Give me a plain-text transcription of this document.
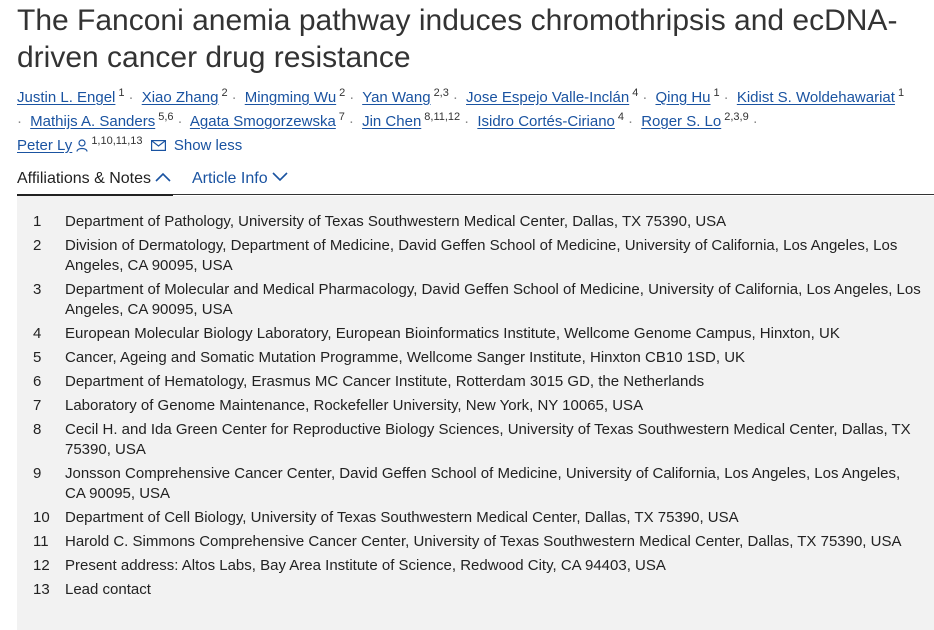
The Fanconi anemia pathway induces chromothripsis and ecDNA-driven cancer drug resistance
Justin L. Engel $^1$ · Xiao Zhang $^2$ · Mingming Wu $^2$ · Yan Wang $^{2,3}$ · Jose Espejo Valle-Inclán $^4$ · Qing Hu $^1$ · Kidist S. Woldehawariat $^1$
· Mathijs A. Sanders $^{5,6}$ · Agata Smogorzewska $^7$ · Jin Chen $^{8,11,12}$ · Isidro Cortés-Ciriano $^4$ · Roger S. Lo $^{2,3,9}$ ·
Peter Ly $^{1,10,11,13}$ Show less
Affiliations & Notes	Article Info
1 Department of Pathology, University of Texas Southwestern Medical Center, Dallas, TX 75390, USA
2 Division of Dermatology, Department of Medicine, David Geffen School of Medicine, University of California, Los Angeles, Los Angeles, CA 90095, USA
3 Department of Molecular and Medical Pharmacology, David Geffen School of Medicine, University of California, Los Angeles, Los Angeles, CA 90095, USA
4 European Molecular Biology Laboratory, European Bioinformatics Institute, Wellcome Genome Campus, Hinxton, UK
5 Cancer, Ageing and Somatic Mutation Programme, Wellcome Sanger Institute, Hinxton CB10 1SD, UK
6 Department of Hematology, Erasmus MC Cancer Institute, Rotterdam 3015 GD, the Netherlands
7 Laboratory of Genome Maintenance, Rockefeller University, New York, NY 10065, USA
8 Cecil H. and Ida Green Center for Reproductive Biology Sciences, University of Texas Southwestern Medical Center, Dallas, TX 75390, USA
9 Jonsson Comprehensive Cancer Center, David Geffen School of Medicine, University of California, Los Angeles, Los Angeles, CA 90095, USA
10 Department of Cell Biology, University of Texas Southwestern Medical Center, Dallas, TX 75390, USA
11 Harold C. Simmons Comprehensive Cancer Center, University of Texas Southwestern Medical Center, Dallas, TX 75390, USA
12 Present address: Altos Labs, Bay Area Institute of Science, Redwood City, CA 94403, USA
13 Lead contact
